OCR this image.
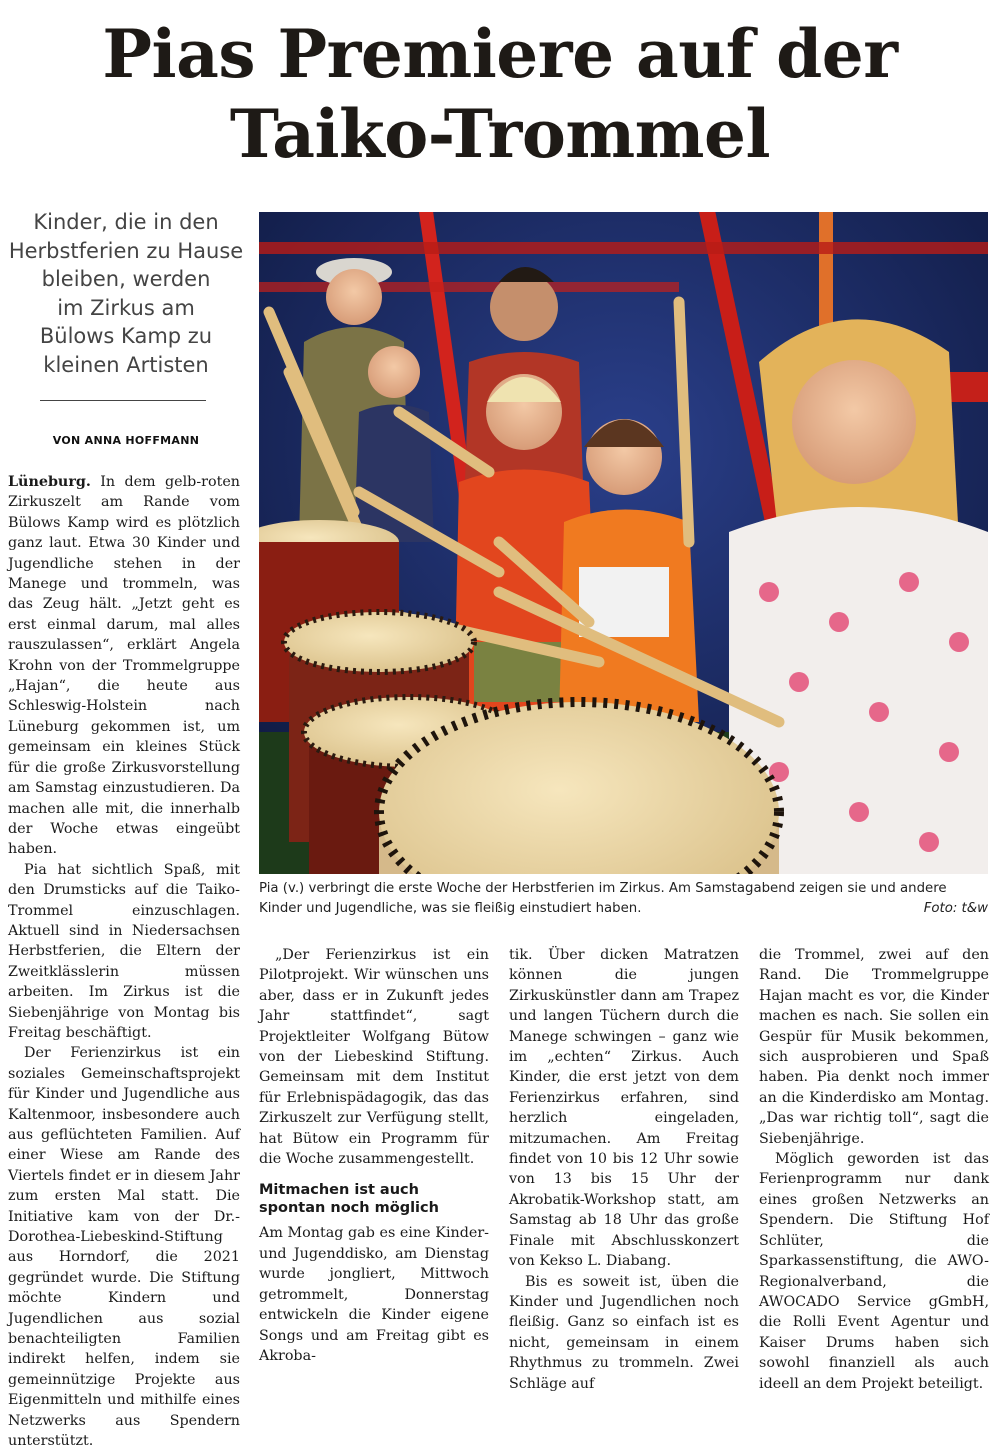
Pias Premiere auf der
Taiko-Trommel
Kinder, die in den
Herbstferien zu Hause
bleiben, werden
im Zirkus am
Bülows Kamp zu
kleinen Artisten
VON ANNA HOFFMANN

Lüneburg. In dem gelb-roten Zirkuszelt am Rande vom Bülows Kamp wird es plötzlich ganz laut. Etwa 30 Kinder und Jugendliche stehen in der Manege und trommeln, was das Zeug hält. „Jetzt geht es erst einmal darum, mal alles rauszulassen“, erklärt Angela Krohn von der Trommelgruppe „Hajan“, die heute aus Schleswig-Holstein nach Lüneburg gekommen ist, um gemeinsam ein kleines Stück für die große Zirkusvorstellung am Samstag einzustudieren. Da machen alle mit, die innerhalb der Woche etwas eingeübt haben.

Pia hat sichtlich Spaß, mit den Drumsticks auf die Taiko-Trommel einzuschlagen. Aktuell sind in Niedersachsen Herbstferien, die Eltern der Zweitklässlerin müssen arbeiten. Im Zirkus ist die Siebenjährige von Montag bis Freitag beschäftigt.

Der Ferienzirkus ist ein soziales Gemeinschaftsprojekt für Kinder und Jugendliche aus Kaltenmoor, insbesondere auch aus geflüchteten Familien. Auf einer Wiese am Rande des Viertels findet er in diesem Jahr zum ersten Mal statt. Die Initiative kam von der Dr.-Dorothea-Liebeskind-Stiftung aus Horndorf, die 2021 gegründet wurde. Die Stiftung möchte Kindern und Jugendlichen aus sozial benachteiligten Familien indirekt helfen, indem sie gemeinnützige Projekte aus Eigenmitteln und mithilfe eines Netzwerks aus Spendern unterstützt.

Pia (v.) verbringt die erste Woche der Herbstferien im Zirkus. Am Samstagabend zeigen sie und andere Kinder und Jugendliche, was sie fleißig einstudiert haben.	Foto: t&w

„Der Ferienzirkus ist ein Pilotprojekt. Wir wünschen uns aber, dass er in Zukunft jedes Jahr stattfindet“, sagt Projektleiter Wolfgang Bütow von der Liebeskind Stiftung. Gemeinsam mit dem Institut für Erlebnispädagogik, das das Zirkuszelt zur Verfügung stellt, hat Bütow ein Programm für die Woche zusammengestellt.

Mitmachen ist auch spontan noch möglich

Am Montag gab es eine Kinder- und Jugenddisko, am Dienstag wurde jongliert, Mittwoch getrommelt, Donnerstag entwickeln die Kinder eigene Songs und am Freitag gibt es Akroba-

tik. Über dicken Matratzen können die jungen Zirkuskünstler dann am Trapez und langen Tüchern durch die Manege schwingen – ganz wie im „echten“ Zirkus. Auch Kinder, die erst jetzt von dem Ferienzirkus erfahren, sind herzlich eingeladen, mitzumachen. Am Freitag findet von 10 bis 12 Uhr sowie von 13 bis 15 Uhr der Akrobatik-Workshop statt, am Samstag ab 18 Uhr das große Finale mit Abschlusskonzert von Kekso L. Diabang.

Bis es soweit ist, üben die Kinder und Jugendlichen noch fleißig. Ganz so einfach ist es nicht, gemeinsam in einem Rhythmus zu trommeln. Zwei Schläge auf

die Trommel, zwei auf den Rand. Die Trommelgruppe Hajan macht es vor, die Kinder machen es nach. Sie sollen ein Gespür für Musik bekommen, sich ausprobieren und Spaß haben. Pia denkt noch immer an die Kinderdisko am Montag. „Das war richtig toll“, sagt die Siebenjährige.

Möglich geworden ist das Ferienprogramm nur dank eines großen Netzwerks an Spendern. Die Stiftung Hof Schlüter, die Sparkassenstiftung, die AWO-Regionalverband, die AWOCADO Service gGmbH, die Rolli Event Agentur und Kaiser Drums haben sich sowohl finanziell als auch ideell an dem Projekt beteiligt.
